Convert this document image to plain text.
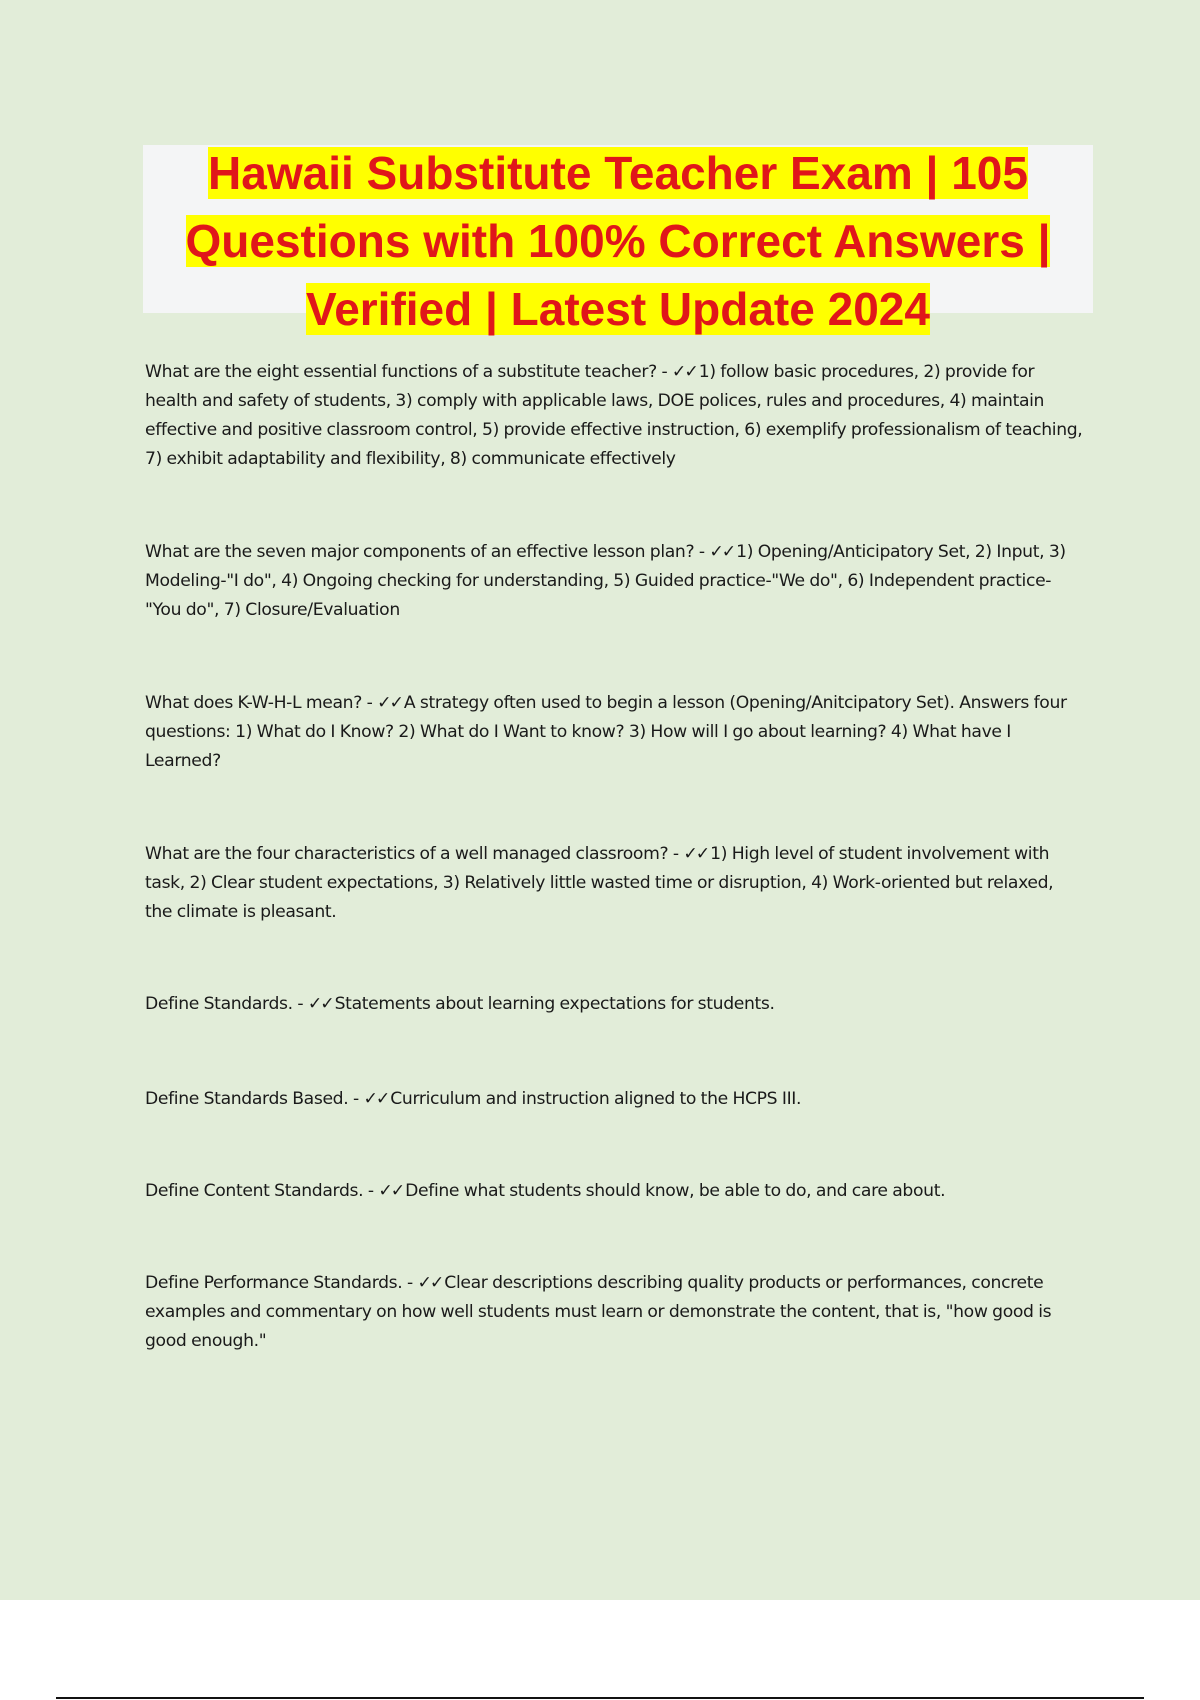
Hawaii Substitute Teacher Exam | 105 Questions with 100% Correct Answers | Verified | Latest Update 2024

What are the eight essential functions of a substitute teacher? - ✓✓ 1) follow basic procedures, 2) provide for health and safety of students, 3) comply with applicable laws, DOE polices, rules and procedures, 4) maintain effective and positive classroom control, 5) provide effective instruction, 6) exemplify professionalism of teaching, 7) exhibit adaptability and flexibility, 8) communicate effectively

What are the seven major components of an effective lesson plan? - ✓✓ 1) Opening/Anticipatory Set, 2) Input, 3) Modeling-"I do", 4) Ongoing checking for understanding, 5) Guided practice-"We do", 6) Independent practice-"You do", 7) Closure/Evaluation

What does K-W-H-L mean? - ✓✓ A strategy often used to begin a lesson (Opening/Anitcipatory Set). Answers four questions: 1) What do I Know? 2) What do I Want to know? 3) How will I go about learning? 4) What have I Learned?

What are the four characteristics of a well managed classroom? - ✓✓ 1) High level of student involvement with task, 2) Clear student expectations, 3) Relatively little wasted time or disruption, 4) Work-oriented but relaxed, the climate is pleasant.

Define Standards. - ✓✓ Statements about learning expectations for students.

Define Standards Based. - ✓✓ Curriculum and instruction aligned to the HCPS III.

Define Content Standards. - ✓✓ Define what students should know, be able to do, and care about.

Define Performance Standards. - ✓✓ Clear descriptions describing quality products or performances, concrete examples and commentary on how well students must learn or demonstrate the content, that is, "how good is good enough."
